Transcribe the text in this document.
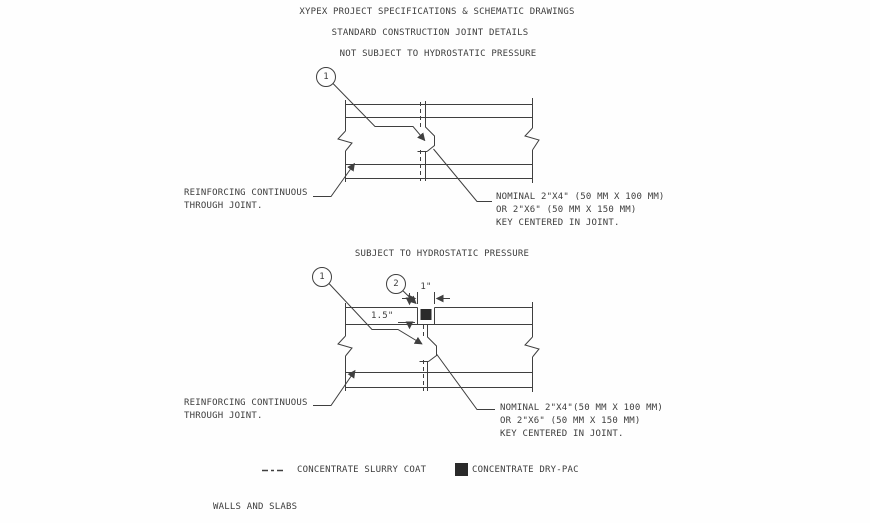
XYPEX PROJECT SPECIFICATIONS & SCHEMATIC DRAWINGS
STANDARD CONSTRUCTION JOINT DETAILS
NOT SUBJECT TO HYDROSTATIC PRESSURE
SUBJECT TO HYDROSTATIC PRESSURE
1
1
2
REINFORCING CONTINUOUS
THROUGH JOINT.
NOMINAL 2"X4" (50 MM X 100 MM)
OR 2"X6" (50 MM X 150 MM)
KEY CENTERED IN JOINT.
1"
1.5"
REINFORCING CONTINUOUS
THROUGH JOINT.
NOMINAL 2"X4"(50 MM X 100 MM)
OR 2"X6" (50 MM X 150 MM)
KEY CENTERED IN JOINT.
CONCENTRATE SLURRY COAT	CONCENTRATE DRY-PAC
WALLS AND SLABS
